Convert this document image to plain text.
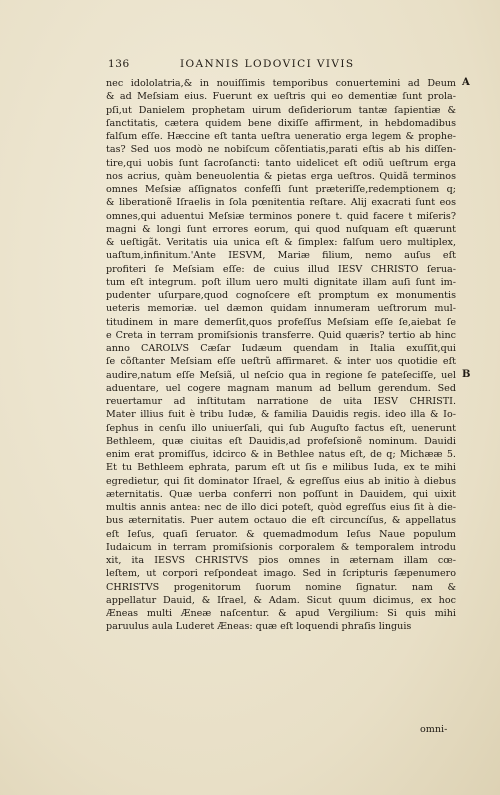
136	IOANNIS LODOVICI VIVIS
A
B
nec idololatria,& in nouiſſimis temporibus conuertemini ad Deum
& ad Meſsiam eius. Fuerunt ex ueſtris qui eo dementiæ ſunt prola-
pſi,ut Danielem prophetam uirum deſideriorum tantæ ſapientiæ &
ſanctitatis, cætera quidem bene dixiſſe affirment, in hebdomadibus
falſum eſſe. Hæccine eſt tanta ueſtra ueneratio erga legem & prophe-
tas? Sed uos modò ne nobiſcum cõſentiatis,parati eſtis ab his diſſen-
tire,qui uobis ſunt ſacroſancti: tanto uidelicet eſt odiũ ueſtrum erga
nos acrius, quàm beneuolentia & pietas erga ueſtros. Quidã terminos
omnes Meſsiæ aſſignatos confeſſi ſunt præteriſſe,redemptionem q;
& liberationẽ Iſraelis in ſola pœnitentia reſtare. Alij exacrati ſunt eos
omnes,qui aduentui Meſsiæ terminos ponere t. quid facere t miſeris?
magni & longi ſunt errores eorum, qui quod nuſquam eſt quærunt
& ueſtigãt. Veritatis uia unica eſt & ſimplex: falſum uero multiplex,
uaſtum,infinitum.'Ante IESVM, Mariæ filium, nemo auſus eſt
profiteri ſe Meſsiam eſſe: de cuius illud IESV CHRISTO ſerua-
tum eſt integrum. poſt illum uero multi dignitate illam auſi ſunt im-
pudenter uſurpare,quod cognoſcere eſt promptum ex monumentis
ueteris memoriæ. uel dæmon quidam innumeram ueſtrorum mul-
titudinem in mare demerſit,quos profeſſus Meſsiam eſſe ſe,aiebat ſe
e Creta in terram promiſsionis transferre. Quid quæris? tertio ab hinc
anno CAROLVS Cæſar Iudæum quendam in Italia exuſſit,qui
ſe cõſtanter Meſsiam eſſe ueſtrũ affirmaret. & inter uos quotidie eſt
audire,natum eſſe Meſsiã, ul neſcio qua in regione ſe pateſeciſſe, uel
aduentare, uel cogere magnam manum ad bellum gerendum. Sed
reuertamur ad inſtitutam narratione de uita IESV CHRISTI.
Mater illius fuit è tribu Iudæ, & familia Dauidis regis. ideo illa & Io-
ſephus in cenſu illo uniuerſali, qui ſub Auguſto factus eſt, uenerunt
Bethleem, quæ ciuitas eſt Dauidis,ad profeſsionẽ nominum. Dauidi
enim erat promiſſus, idcirco & in Bethlee natus eſt, de q; Michææ 5.
Et tu Bethleem ephrata, parum eſt ut ſis e milibus Iuda, ex te mihi
egredietur, qui ſit dominator Iſrael, & egreſſus eius ab initio à diebus
æternitatis. Quæ uerba conferri non poſſunt in Dauidem, qui uixit
multis annis antea: nec de illo dici poteſt, quòd egreſſus eius ſit à die-
bus æternitatis. Puer autem octauo die eſt circuncíſus, & appellatus
eſt Ieſus, quaſi ſeruator. & quemadmodum Ieſus Naue populum
Iudaicum in terram promiſsionis corporalem & temporalem introdu
xit, ita IESVS CHRISTVS pios omnes in æternam illam cœ-
leſtem, ut corpori reſpondeat imago. Sed in ſcripturis ſæpenumero
CHRISTVS progenitorum ſuorum nomine ſignatur. nam &
appellatur Dauid, & Iſrael, & Adam. Sicut quum dicimus, ex hoc
Æneas multi Æneæ naſcentur. & apud Vergilium: Si quis mihi
paruulus aula Luderet Æneas: quæ eſt loquendi phraſis linguis
omni-
